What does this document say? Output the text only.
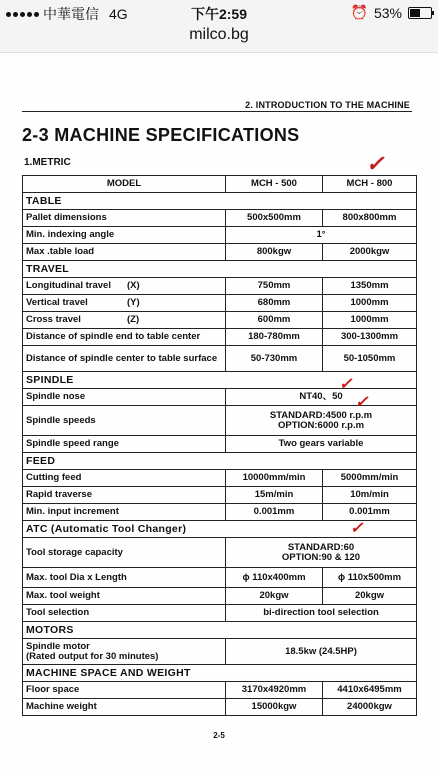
中華電信 4G	下午2:59	⏰ 53%
milco.bg
2. INTRODUCTION TO THE MACHINE
2-3 MACHINE SPECIFICATIONS
1.METRIC
MODEL	MCH - 500	MCH - 800
TABLE		
Pallet dimensions	500x500mm	800x800mm
Min. indexing angle	1°	
Max .table load	800kgw	2000kgw
TRAVEL		
Longitudinal travel (X)	750mm	1350mm
Vertical travel (Y)	680mm	1000mm
Cross travel (Z)	600mm	1000mm
Distance of spindle end to table center	180-780mm	300-1300mm
Distance of spindle center to table surface	50-730mm	50-1050mm
SPINDLE		
Spindle nose	NT40、50	
Spindle speeds	STANDARD:4500 r.p.m
OPTION:6000 r.p.m	

Spindle speed range	Two gears variable	
FEED		
Cutting feed	10000mm/min	5000mm/min
Rapid traverse	15m/min	10m/min
Min. input increment	0.001mm	0.001mm
ATC (Automatic Tool Changer)		
Tool storage capacity	STANDARD:60
OPTION:90 & 120	

Max. tool Dia x Length	ϕ 110x400mm	ϕ 110x500mm
Max. tool weight	20kgw	20kgw
Tool selection	bi-direction tool selection	
MOTORS		

Spindle motor
(Rated output for 30 minutes)	18.5kw (24.5HP)	
MACHINE SPACE AND WEIGHT		
Floor space	3170x4920mm	4410x6495mm
Machine weight	15000kgw	24000kgw
2-5
✓
✓
✓
✓
